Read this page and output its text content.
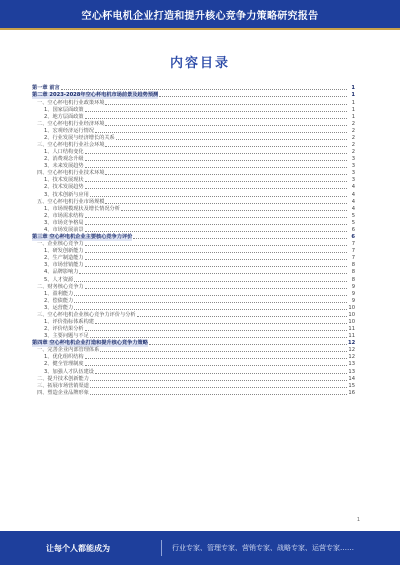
空心杯电机企业打造和提升核心竞争力策略研究报告
内容目录
第一章 前言	1
第二章 2023-2028年空心杯电机市场前景及趋势预测	1
一、空心杯电机行业政策环境	1
1、国家层面政策	1
2、地方层面政策	1
二、空心杯电机行业经济环境	2
1、宏观经济运行情况	2
2、行业发展与经济增长的关系	2
三、空心杯电机行业社会环境	2
1、人口结构变化	2
2、消费观念升级	3
3、未来发展趋势	3
四、空心杯电机行业技术环境	3
1、技术发展现状	3
2、技术发展趋势	4
3、技术创新与应用	4
五、空心杯电机行业市场规模	4
1、市场规模现状及增长情况分析	4
2、市场需求结构	5
3、市场竞争格局	5
4、市场发展前景	6
第三章 空心杯电机企业主要核心竞争力评价	6
一、企业核心竞争力	7
1、研发创新能力	7
2、生产制造能力	7
3、市场营销能力	8
4、品牌影响力	8
5、人才资源	8
二、财务核心竞争力	9
1、盈利能力	9
2、偿债能力	9
3、运营能力	10
三、空心杯电机企业核心竞争力评价与分析	10
1、评价指标体系构建	10
2、评价结果分析	11
3、主要问题与不足	11
第四章 空心杯电机企业打造和提升核心竞争力策略	12
一、完善企业内部管理体系	12
1、优化组织结构	12
2、健全管理制度	13
3、加强人才队伍建设	13
二、提升技术创新能力	14
三、拓展市场营销渠道	15
四、塑造企业品牌形象	16
1
让每个人都能成为	行业专家、管理专家、营销专家、战略专家、运营专家……
